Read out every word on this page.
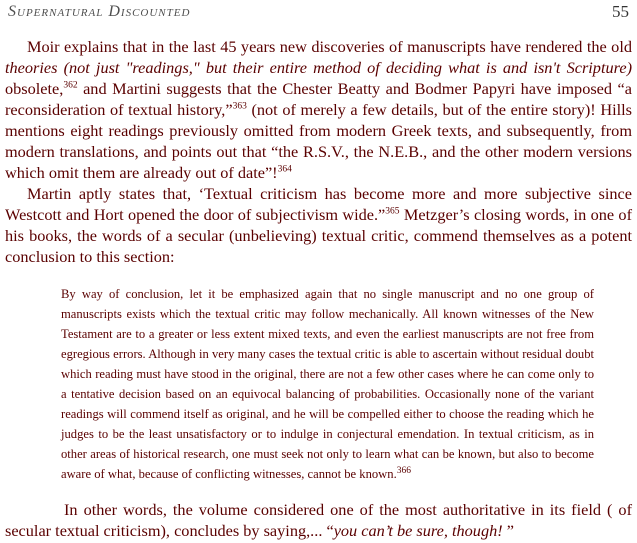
Supernatural Discounted	55

Moir explains that in the last 45 years new discoveries of manuscripts have rendered the old theories (not just "readings," but their entire method of deciding what is and isn't Scripture) obsolete,$^{362}$ and Martini suggests that the Chester Beatty and Bodmer Papyri have imposed “a reconsideration of textual history,”$^{363}$ (not of merely a few details, but of the entire story)! Hills mentions eight readings previously omitted from modern Greek texts, and subsequently, from modern translations, and points out that “the R.S.V., the N.E.B., and the other modern versions which omit them are already out of date”!$^{364}$

Martin aptly states that, ‘Textual criticism has become more and more subjective since Westcott and Hort opened the door of subjectivism wide.”$^{365}$ Metzger’s closing words, in one of his books, the words of a secular (unbelieving) textual critic, commend themselves as a potent conclusion to this section:

By way of conclusion, let it be emphasized again that no single manuscript and no one group of manuscripts exists which the textual critic may follow mechanically. All known witnesses of the New Testament are to a greater or less extent mixed texts, and even the earliest manuscripts are not free from egregious errors. Although in very many cases the textual critic is able to ascertain without residual doubt which reading must have stood in the original, there are not a few other cases where he can come only to a tentative decision based on an equivocal balancing of probabilities. Occasionally none of the variant readings will commend itself as original, and he will be compelled either to choose the reading which he judges to be the least unsatisfactory or to indulge in conjectural emendation. In textual criticism, as in other areas of historical research, one must seek not only to learn what can be known, but also to become aware of what, because of conflicting witnesses, cannot be known.$^{366}$

In other words, the volume considered one of the most authoritative in its field ( of secular textual criticism), concludes by saying,... “you can’t be sure, though! ”
